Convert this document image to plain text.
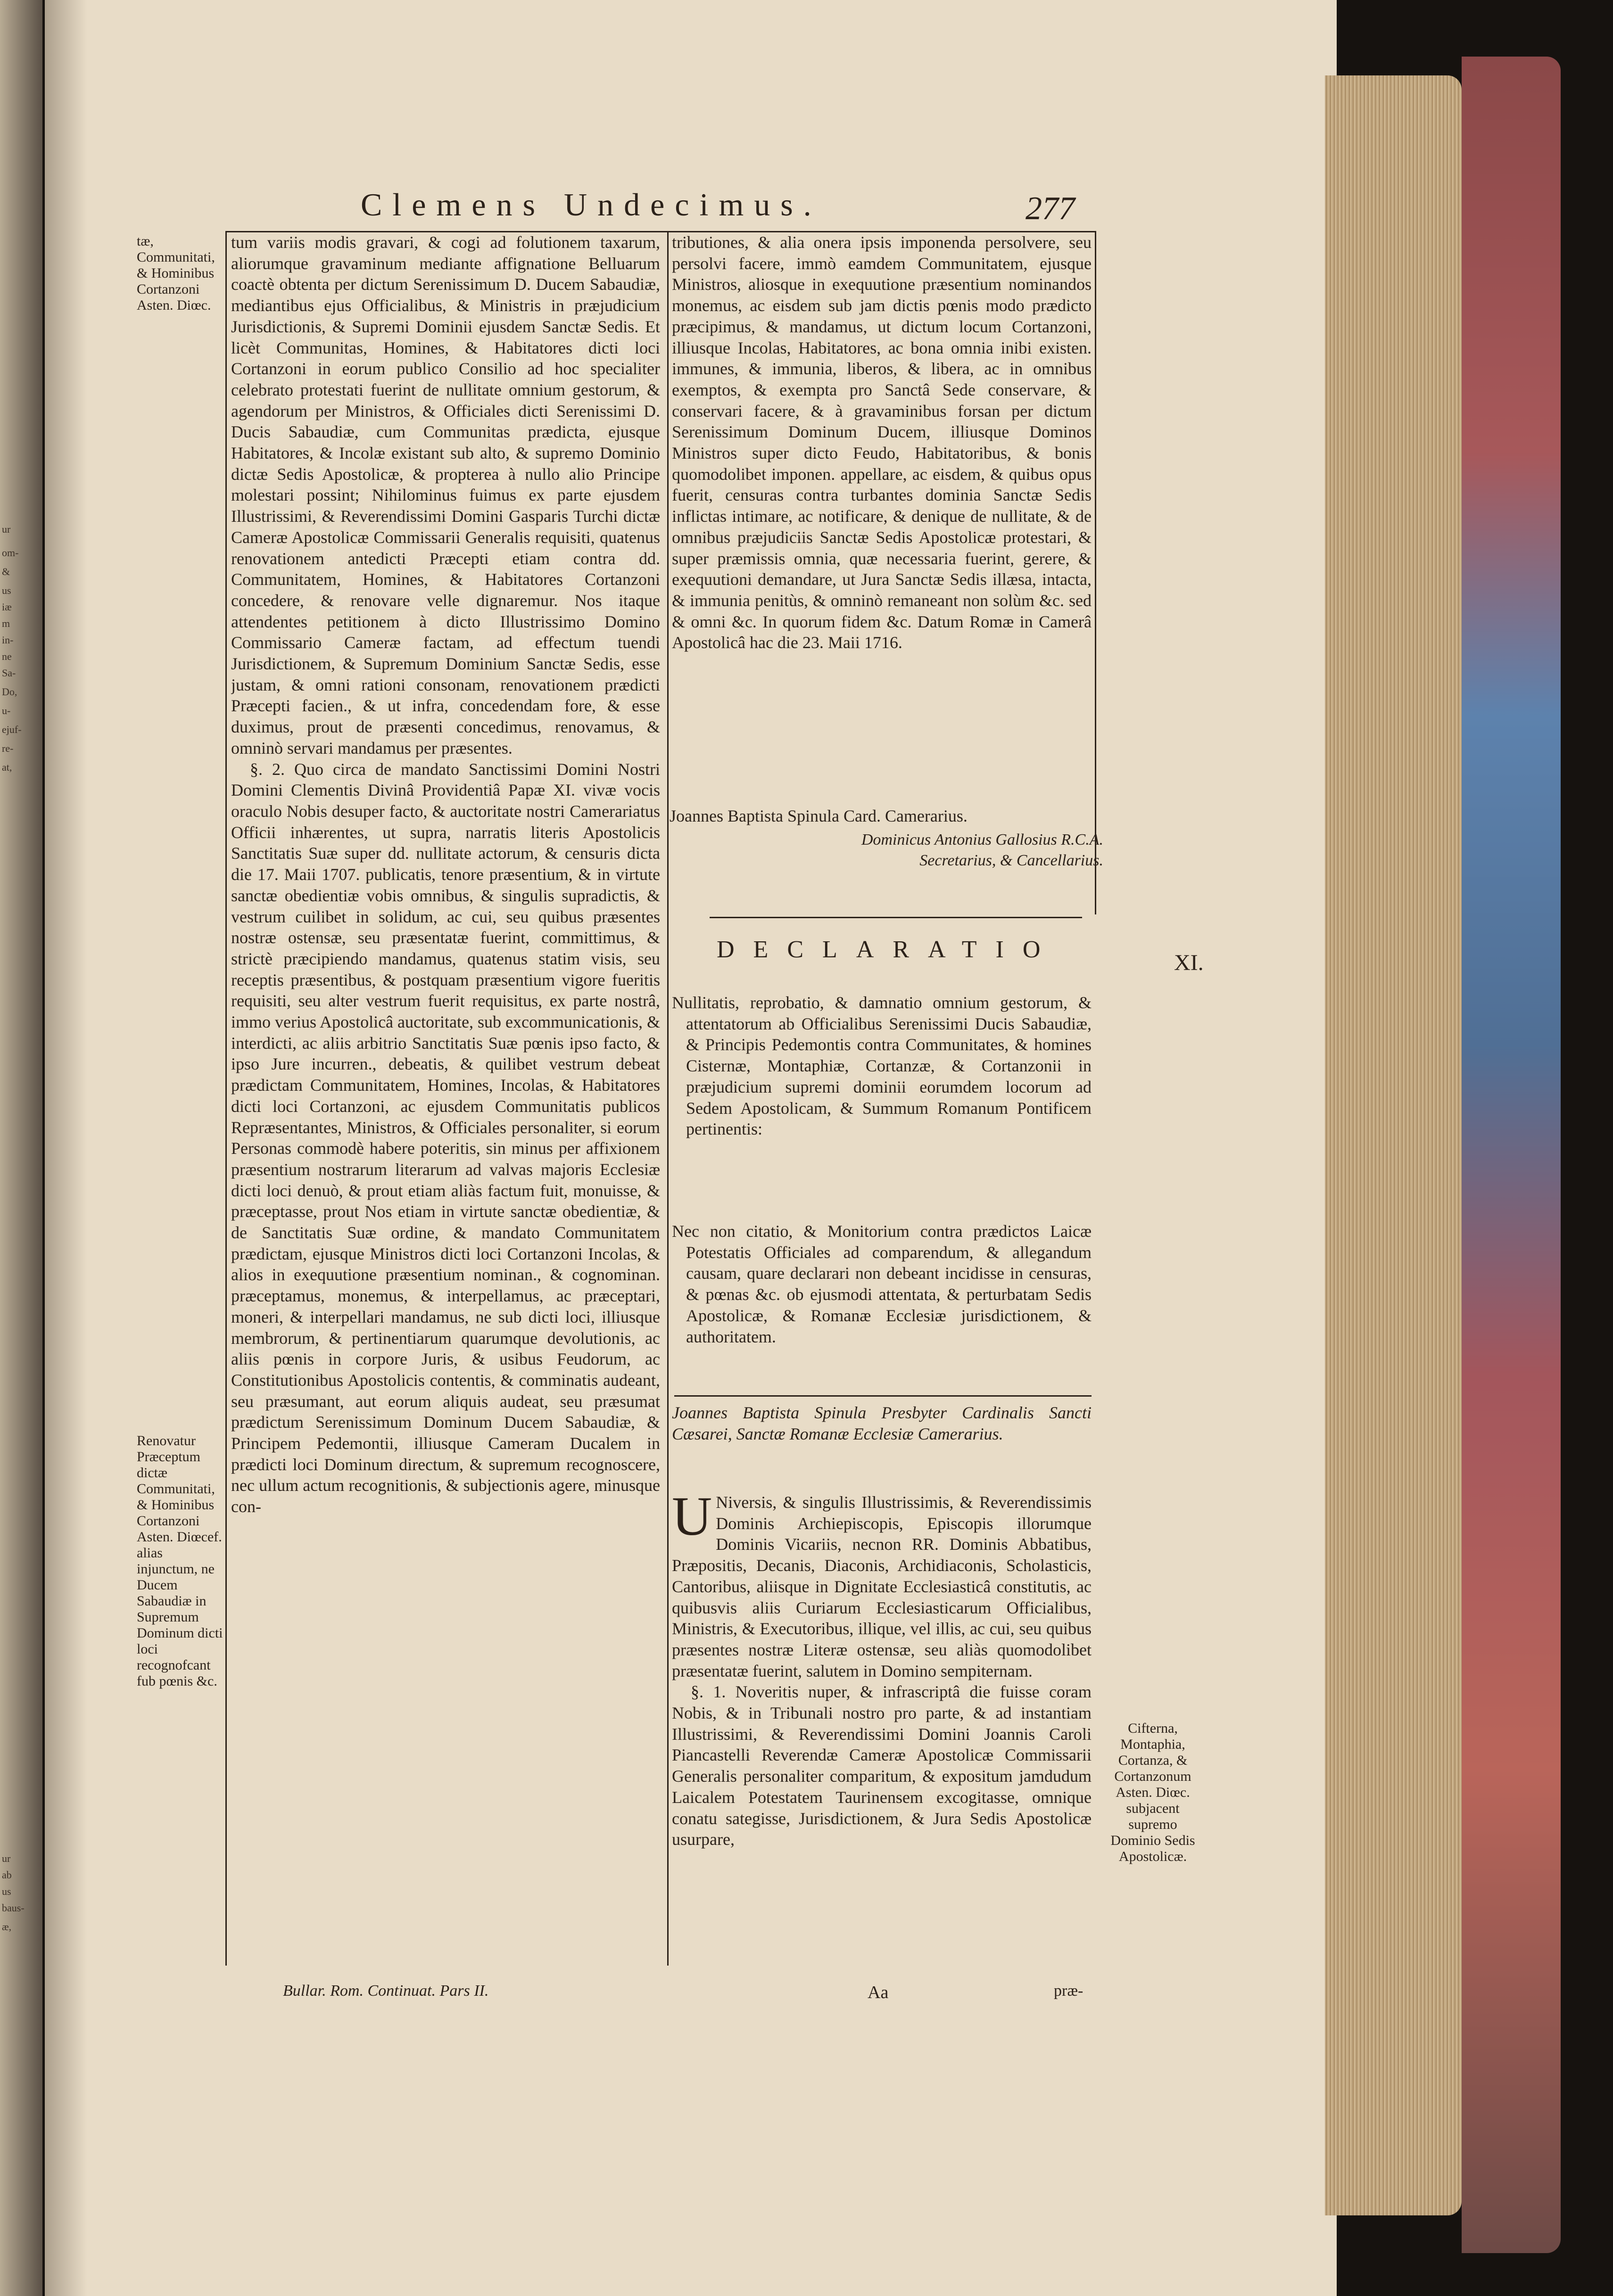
ur
om-
&
us
iæ
m
in-
ne
Sa-
Do,
u-
ejuf-
re-
at,
ur
ab
us
baus-
æ,
Clemens Undecimus.	277
tæ, Communitati, & Hominibus Cortanzoni Asten. Diœc.
Renovatur Præceptum dictæ Communitati, & Hominibus Cortanzoni Asten. Diœcef. alias injunctum, ne Ducem Sabaudiæ in Supremum Dominum dicti loci recognofcant fub pœnis &c.

tum variis modis gravari, & cogi ad folutionem taxarum, aliorumque gravaminum mediante affignatione Belluarum coactè obtenta per dictum Serenissimum D. Ducem Sabaudiæ, mediantibus ejus Officialibus, & Ministris in præjudicium Jurisdictionis, & Supremi Dominii ejusdem Sanctæ Sedis. Et licèt Communitas, Homines, & Habitatores dicti loci Cortanzoni in eorum publico Consilio ad hoc specialiter celebrato protestati fuerint de nullitate omnium gestorum, & agendorum per Ministros, & Officiales dicti Serenissimi D. Ducis Sabaudiæ, cum Communitas prædicta, ejusque Habitatores, & Incolæ existant sub alto, & supremo Dominio dictæ Sedis Apostolicæ, & propterea à nullo alio Principe molestari possint; Nihilominus fuimus ex parte ejusdem Illustrissimi, & Reverendissimi Domini Gasparis Turchi dictæ Cameræ Apostolicæ Commissarii Generalis requisiti, quatenus renovationem antedicti Præcepti etiam contra dd. Communitatem, Homines, & Habitatores Cortanzoni concedere, & renovare velle dignaremur. Nos itaque attendentes petitionem à dicto Illustrissimo Domino Commissario Cameræ factam, ad effectum tuendi Jurisdictionem, & Supremum Dominium Sanctæ Sedis, esse justam, & omni rationi consonam, renovationem prædicti Præcepti facien., & ut infra, concedendam fore, & esse duximus, prout de præsenti concedimus, renovamus, & omninò servari mandamus per præsentes.

§. 2. Quo circa de mandato Sanctissimi Domini Nostri Domini Clementis Divinâ Providentiâ Papæ XI. vivæ vocis oraculo Nobis desuper facto, & auctoritate nostri Camerariatus Officii inhærentes, ut supra, narratis literis Apostolicis Sanctitatis Suæ super dd. nullitate actorum, & censuris dicta die 17. Maii 1707. publicatis, tenore præsentium, & in virtute sanctæ obedientiæ vobis omnibus, & singulis supradictis, & vestrum cuilibet in solidum, ac cui, seu quibus præsentes nostræ ostensæ, seu præsentatæ fuerint, committimus, & strictè præcipiendo mandamus, quatenus statim visis, seu receptis præsentibus, & postquam præsentium vigore fueritis requisiti, seu alter vestrum fuerit requisitus, ex parte nostrâ, immo verius Apostolicâ auctoritate, sub excommunicationis, & interdicti, ac aliis arbitrio Sanctitatis Suæ pœnis ipso facto, & ipso Jure incurren., debeatis, & quilibet vestrum debeat prædictam Communitatem, Homines, Incolas, & Habitatores dicti loci Cortanzoni, ac ejusdem Communitatis publicos Repræsentantes, Ministros, & Officiales personaliter, si eorum Personas commodè habere poteritis, sin minus per affixionem præsentium nostrarum literarum ad valvas majoris Ecclesiæ dicti loci denuò, & prout etiam aliàs factum fuit, monuisse, & præceptasse, prout Nos etiam in virtute sanctæ obedientiæ, & de Sanctitatis Suæ ordine, & mandato Communitatem prædictam, ejusque Ministros dicti loci Cortanzoni Incolas, & alios in exequutione præsentium nominan., & cognominan. præceptamus, monemus, & interpellamus, ac præceptari, moneri, & interpellari mandamus, ne sub dicti loci, illiusque membrorum, & pertinentiarum quarumque devolutionis, ac aliis pœnis in corpore Juris, & usibus Feudorum, ac Constitutionibus Apostolicis contentis, & comminatis audeant, seu præsumant, aut eorum aliquis audeat, seu præsumat prædictum Serenissimum Dominum Ducem Sabaudiæ, & Principem Pedemontii, illiusque Cameram Ducalem in prædicti loci Dominum directum, & supremum recognoscere, nec ullum actum recognitionis, & subjectionis agere, minusque con-

tributiones, & alia onera ipsis imponenda persolvere, seu persolvi facere, immò eamdem Communitatem, ejusque Ministros, aliosque in exequutione præsentium nominandos monemus, ac eisdem sub jam dictis pœnis modo prædicto præcipimus, & mandamus, ut dictum locum Cortanzoni, illiusque Incolas, Habitatores, ac bona omnia inibi existen. immunes, & immunia, liberos, & libera, ac in omnibus exemptos, & exempta pro Sanctâ Sede conservare, & conservari facere, & à gravaminibus forsan per dictum Serenissimum Dominum Ducem, illiusque Dominos Ministros super dicto Feudo, Habitatoribus, & bonis quomodolibet imponen. appellare, ac eisdem, & quibus opus fuerit, censuras contra turbantes dominia Sanctæ Sedis inflictas intimare, ac notificare, & denique de nullitate, & de omnibus præjudiciis Sanctæ Sedis Apostolicæ protestari, & super præmissis omnia, quæ necessaria fuerint, gerere, & exequutioni demandare, ut Jura Sanctæ Sedis illæsa, intacta, & immunia penitùs, & omninò remaneant non solùm &c. sed & omni &c. In quorum fidem &c. Datum Romæ in Camerâ Apostolicâ hac die 23. Maii 1716.

Joannes Baptista Spinula Card. Camerarius.
Dominicus Antonius Gallosius R.C.A.
Secretarius, & Cancellarius.
DECLARATIO	XI.
Nullitatis, reprobatio, & damnatio omnium gestorum, & attentatorum ab Officialibus Serenissimi Ducis Sabaudiæ, & Principis Pedemontis contra Communitates, & homines Cisternæ, Montaphiæ, Cortanzæ, & Cortanzonii in præjudicium supremi dominii eorumdem locorum ad Sedem Apostolicam, & Summum Romanum Pontificem pertinentis:
Nec non citatio, & Monitorium contra prædictos Laicæ Potestatis Officiales ad comparendum, & allegandum causam, quare declarari non debeant incidisse in censuras, & pœnas &c. ob ejusmodi attentata, & perturbatam Sedis Apostolicæ, & Romanæ Ecclesiæ jurisdictionem, & authoritatem.
Joannes Baptista Spinula Presbyter Cardinalis Sancti Cæsarei, Sanctæ Romanæ Ecclesiæ Camerarius.

U Niversis, & singulis Illustrissimis, & Reverendissimis Dominis Archiepiscopis, Episcopis illorumque Dominis Vicariis, necnon RR. Dominis Abbatibus, Præpositis, Decanis, Diaconis, Archidiaconis, Scholasticis, Cantoribus, aliisque in Dignitate Ecclesiasticâ constitutis, ac quibusvis aliis Curiarum Ecclesiasticarum Officialibus, Ministris, & Executoribus, illique, vel illis, ac cui, seu quibus præsentes nostræ Literæ ostensæ, seu aliàs quomodolibet præsentatæ fuerint, salutem in Domino sempiternam.

§. 1. Noveritis nuper, & infrascriptâ die fuisse coram Nobis, & in Tribunali nostro pro parte, & ad instantiam Illustrissimi, & Reverendissimi Domini Joannis Caroli Piancastelli Reverendæ Cameræ Apostolicæ Commissarii Generalis personaliter comparitum, & expositum jamdudum Laicalem Potestatem Taurinensem excogitasse, omnique conatu sategisse, Jurisdictionem, & Jura Sedis Apostolicæ usurpare,

Cifterna, Montaphia, Cortanza, & Cortanzonum Asten. Diœc. subjacent supremo Dominio Sedis Apostolicæ.
Bullar. Rom. Continuat. Pars II.	Aa	præ-
